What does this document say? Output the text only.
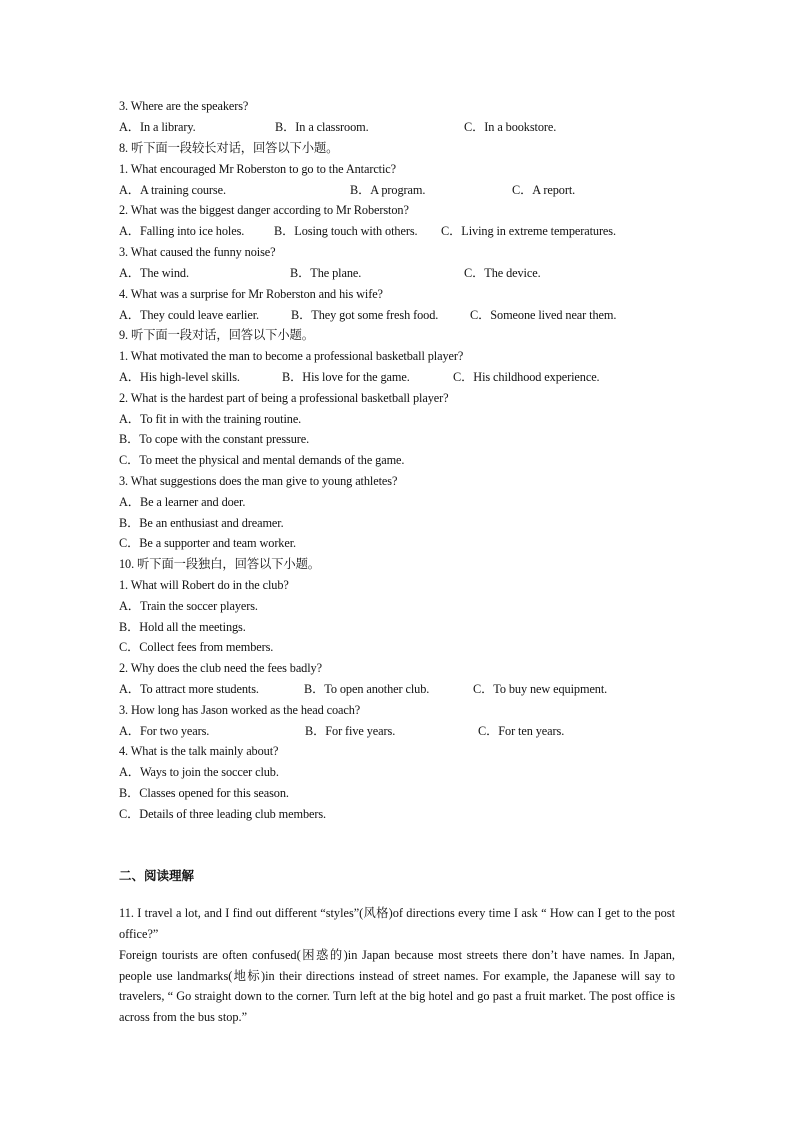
3. Where are the speakers?
A．In a library.	B．In a classroom.	C．In a bookstore.
8. 听下面一段较长对话，回答以下小题。
1. What encouraged Mr Roberston to go to the Antarctic?
A．A training course.	B．A program.	C．A report.
2. What was the biggest danger according to Mr Roberston?
A．Falling into ice holes. B．Losing touch with others. C．Living in extreme temperatures.
3. What caused the funny noise?
A．The wind.	B．The plane.	C．The device.
4. What was a surprise for Mr Roberston and his wife?
A．They could leave earlier.	B．They got some fresh food.	C．Someone lived near them.
9. 听下面一段对话，回答以下小题。
1. What motivated the man to become a professional basketball player?
A．His high-level skills.	B．His love for the game.	C．His childhood experience.
2. What is the hardest part of being a professional basketball player?
A．To fit in with the training routine.
B．To cope with the constant pressure.
C．To meet the physical and mental demands of the game.
3. What suggestions does the man give to young athletes?
A．Be a learner and doer.
B．Be an enthusiast and dreamer.
C．Be a supporter and team worker.
10. 听下面一段独白，回答以下小题。
1. What will Robert do in the club?
A．Train the soccer players.
B．Hold all the meetings.
C．Collect fees from members.
2. Why does the club need the fees badly?
A．To attract more students.	B．To open another club.	C．To buy new equipment.
3. How long has Jason worked as the head coach?
A．For two years.	B．For five years.	C．For ten years.
4. What is the talk mainly about?
A．Ways to join the soccer club.
B．Classes opened for this season.
C．Details of three leading club members.
二、阅读理解
11. I travel a lot, and I find out different “styles”(风格)of directions every time I ask “ How can I get to the post office?”
Foreign tourists are often confused(困惑的)in Japan because most streets there don’t have names. In Japan, people use landmarks(地标)in their directions instead of street names. For example, the Japanese will say to travelers, “ Go straight down to the corner. Turn left at the big hotel and go past a fruit market. The post office is across from the bus stop.”
